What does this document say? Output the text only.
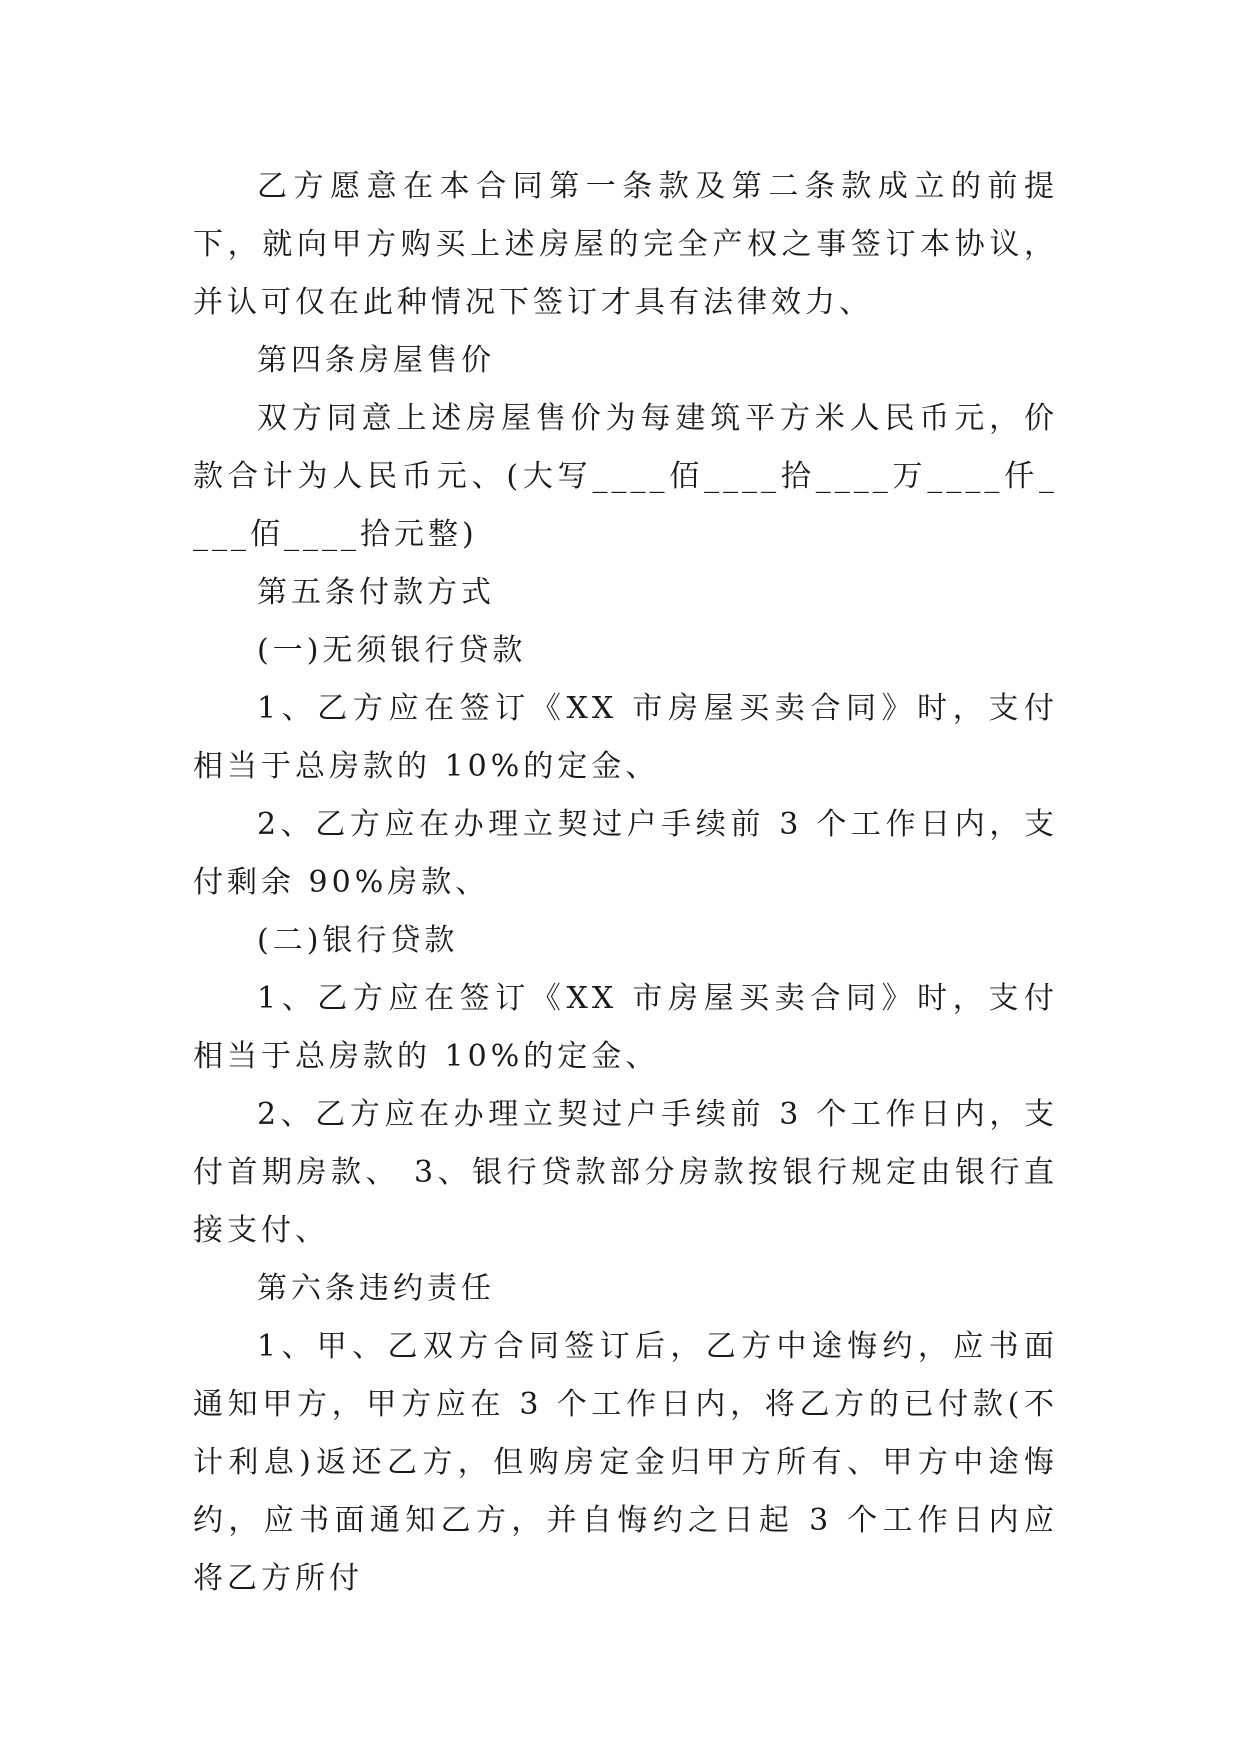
乙方愿意在本合同第一条款及第二条款成立的前提下，就向甲方购买上述房屋的完全产权之事签订本协议，并认可仅在此种情况下签订才具有法律效力、

第四条房屋售价

双方同意上述房屋售价为每建筑平方米人民币元，价款合计为人民币元、(大写____佰____拾____万____仟____佰____拾元整)

第五条付款方式

(一)无须银行贷款

1、乙方应在签订《XX 市房屋买卖合同》时，支付相当于总房款的 10%的定金、

2、乙方应在办理立契过户手续前 3 个工作日内，支付剩余 90%房款、

(二)银行贷款

1、乙方应在签订《XX 市房屋买卖合同》时，支付相当于总房款的 10%的定金、

2、乙方应在办理立契过户手续前 3 个工作日内，支付首期房款、 3、银行贷款部分房款按银行规定由银行直接支付、

第六条违约责任

1、甲、乙双方合同签订后，乙方中途悔约，应书面通知甲方，甲方应在 3 个工作日内，将乙方的已付款(不计利息)返还乙方，但购房定金归甲方所有、甲方中途悔约，应书面通知乙方，并自悔约之日起 3 个工作日内应将乙方所付
